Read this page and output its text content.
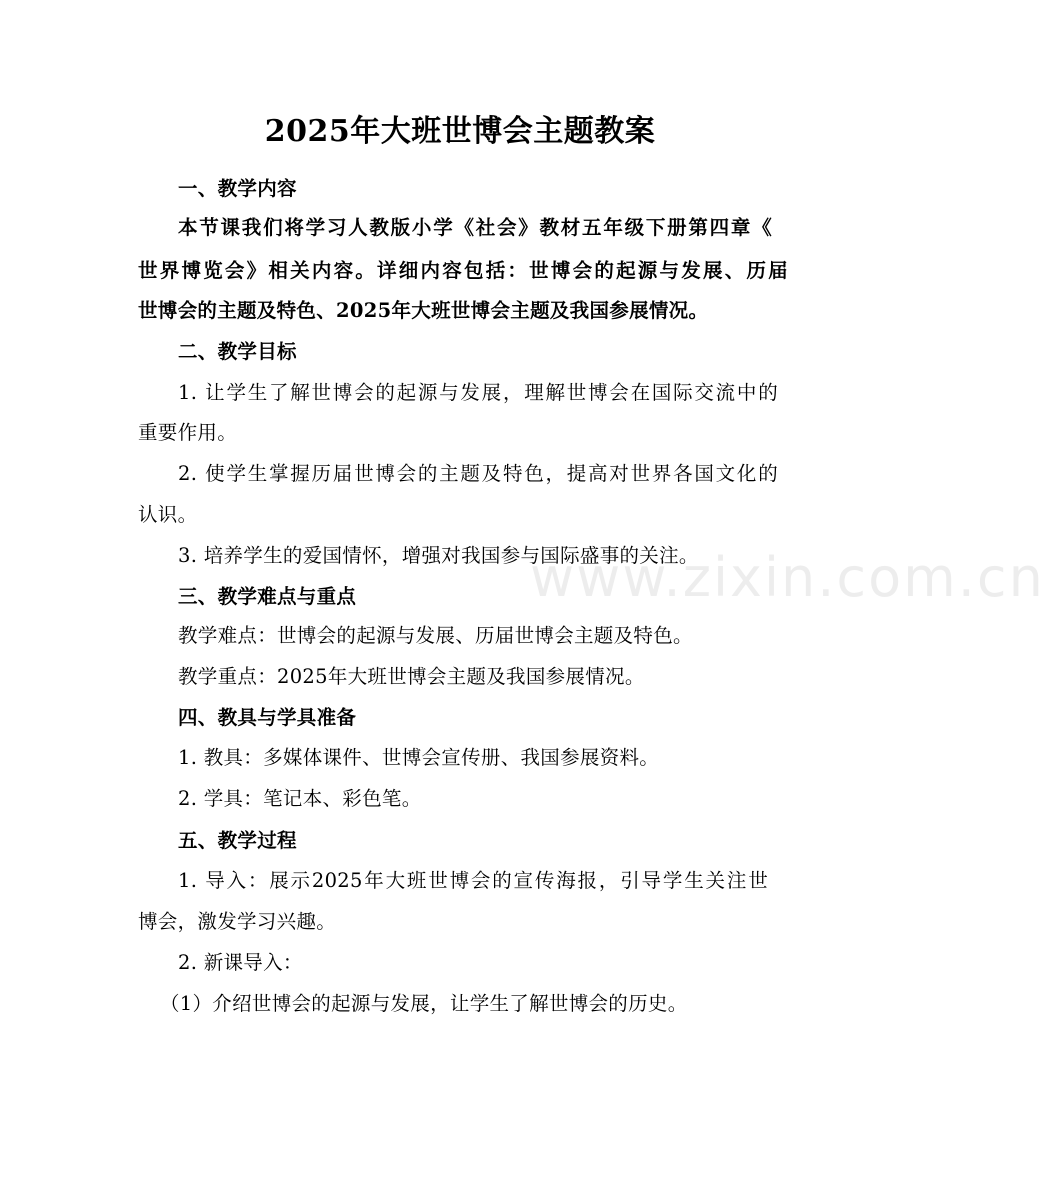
www.zixin.com.cn
2025年大班世博会主题教案
一、教学内容
本节课我们将学习人教版小学《社会》教材五年级下册第四章《
世界博览会》相关内容。详细内容包括：世博会的起源与发展、历届
世博会的主题及特色、2025年大班世博会主题及我国参展情况。
二、教学目标
1. 让学生了解世博会的起源与发展，理解世博会在国际交流中的
重要作用。
2. 使学生掌握历届世博会的主题及特色，提高对世界各国文化的
认识。
3. 培养学生的爱国情怀，增强对我国参与国际盛事的关注。
三、教学难点与重点
教学难点：世博会的起源与发展、历届世博会主题及特色。
教学重点：2025年大班世博会主题及我国参展情况。
四、教具与学具准备
1. 教具：多媒体课件、世博会宣传册、我国参展资料。
2. 学具：笔记本、彩色笔。
五、教学过程
1. 导入：展示2025年大班世博会的宣传海报，引导学生关注世
博会，激发学习兴趣。
2. 新课导入：
（1）介绍世博会的起源与发展，让学生了解世博会的历史。
